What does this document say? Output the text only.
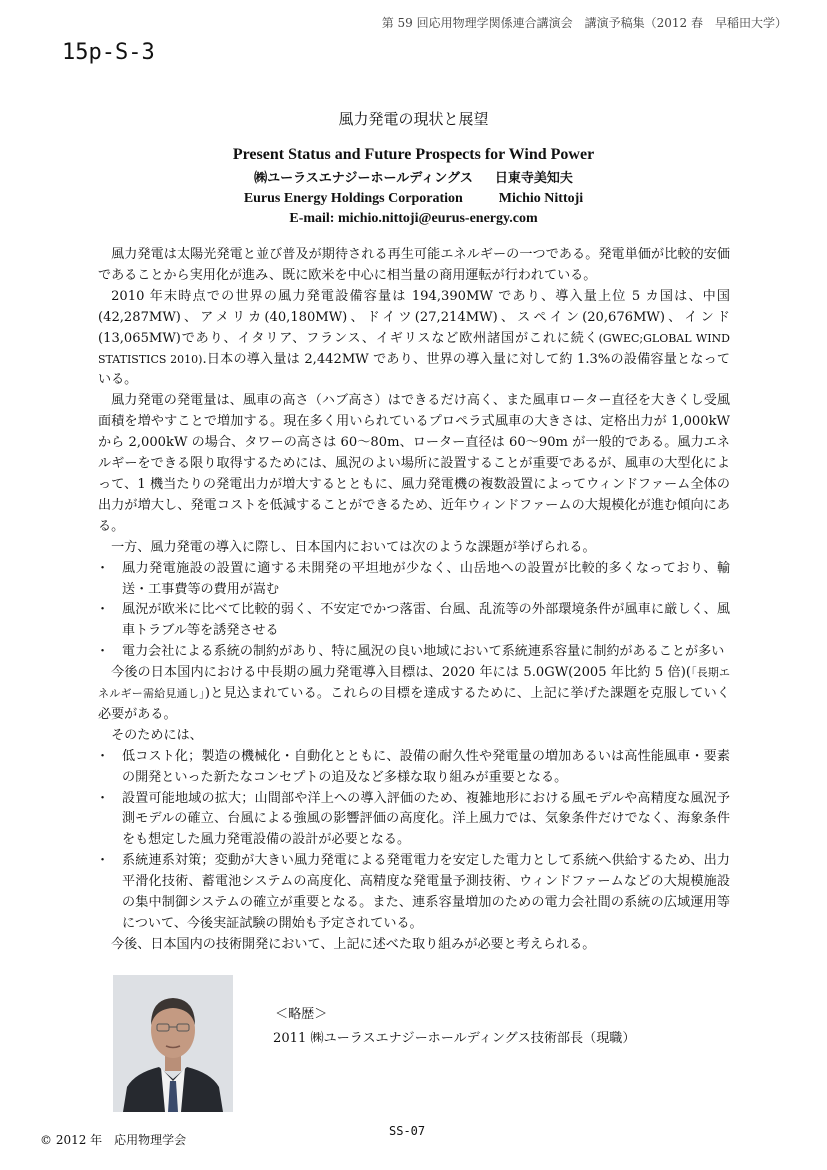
第 59 回応用物理学関係連合講演会　講演予稿集（2012 春　早稲田大学）
15p-S-3
風力発電の現状と展望
Present Status and Future Prospects for Wind Power
㈱ユーラスエナジーホールディングス 日東寺美知夫
Eurus Energy Holdings Corporation	Michio Nittoji
E-mail: michio.nittoji@eurus-energy.com

風力発電は太陽光発電と並び普及が期待される再生可能エネルギーの一つである。発電単価が比較的安価であることから実用化が進み、既に欧米を中心に相当量の商用運転が行われている。

2010 年末時点での世界の風力発電設備容量は 194,390MW であり、導入量上位 5 カ国は、中国(42,287MW)、アメリカ(40,180MW)、ドイツ(27,214MW)、スペイン(20,676MW)、インド(13,065MW)であり、イタリア、フランス、イギリスなど欧州諸国がこれに続く(GWEC;GLOBAL WIND STATISTICS 2010).日本の導入量は 2,442MW であり、世界の導入量に対して約 1.3%の設備容量となっている。

風力発電の発電量は、風車の高さ（ハブ高さ）はできるだけ高く、また風車ローター直径を大きくし受風面積を増やすことで増加する。現在多く用いられているプロペラ式風車の大きさは、定格出力が 1,000kW から 2,000kW の場合、タワーの高さは 60～80m、ローター直径は 60～90m が一般的である。風力エネルギーをできる限り取得するためには、風況のよい場所に設置することが重要であるが、風車の大型化によって、1 機当たりの発電出力が増大するとともに、風力発電機の複数設置によってウィンドファーム全体の出力が増大し、発電コストを低減することができるため、近年ウィンドファームの大規模化が進む傾向にある。

一方、風力発電の導入に際し、日本国内においては次のような課題が挙げられる。

・ 風力発電施設の設置に適する未開発の平坦地が少なく、山岳地への設置が比較的多くなっており、輸送・工事費等の費用が嵩む
・ 風況が欧米に比べて比較的弱く、不安定でかつ落雷、台風、乱流等の外部環境条件が風車に厳しく、風車トラブル等を誘発させる
・ 電力会社による系統の制約があり、特に風況の良い地域において系統連系容量に制約があることが多い

今後の日本国内における中長期の風力発電導入目標は、2020 年には 5.0GW(2005 年比約 5 倍)(「長期エネルギー需給見通し」)と見込まれている。これらの目標を達成するために、上記に挙げた課題を克服していく必要がある。

そのためには、

・ 低コスト化；製造の機械化・自動化とともに、設備の耐久性や発電量の増加あるいは高性能風車・要素の開発といった新たなコンセプトの追及など多様な取り組みが重要となる。
・ 設置可能地域の拡大；山間部や洋上への導入評価のため、複雑地形における風モデルや高精度な風況予測モデルの確立、台風による強風の影響評価の高度化。洋上風力では、気象条件だけでなく、海象条件をも想定した風力発電設備の設計が必要となる。
・ 系統連系対策；変動が大きい風力発電による発電電力を安定した電力として系統へ供給するため、出力平滑化技術、蓄電池システムの高度化、高精度な発電量予測技術、ウィンドファームなどの大規模施設の集中制御システムの確立が重要となる。また、連系容量増加のための電力会社間の系統の広域運用等について、今後実証試験の開始も予定されている。

今後、日本国内の技術開発において、上記に述べた取り組みが必要と考えられる。

＜略歴＞
2011 ㈱ユーラスエナジーホールディングス技術部長（現職）
SS-07
© 2012 年　応用物理学会
